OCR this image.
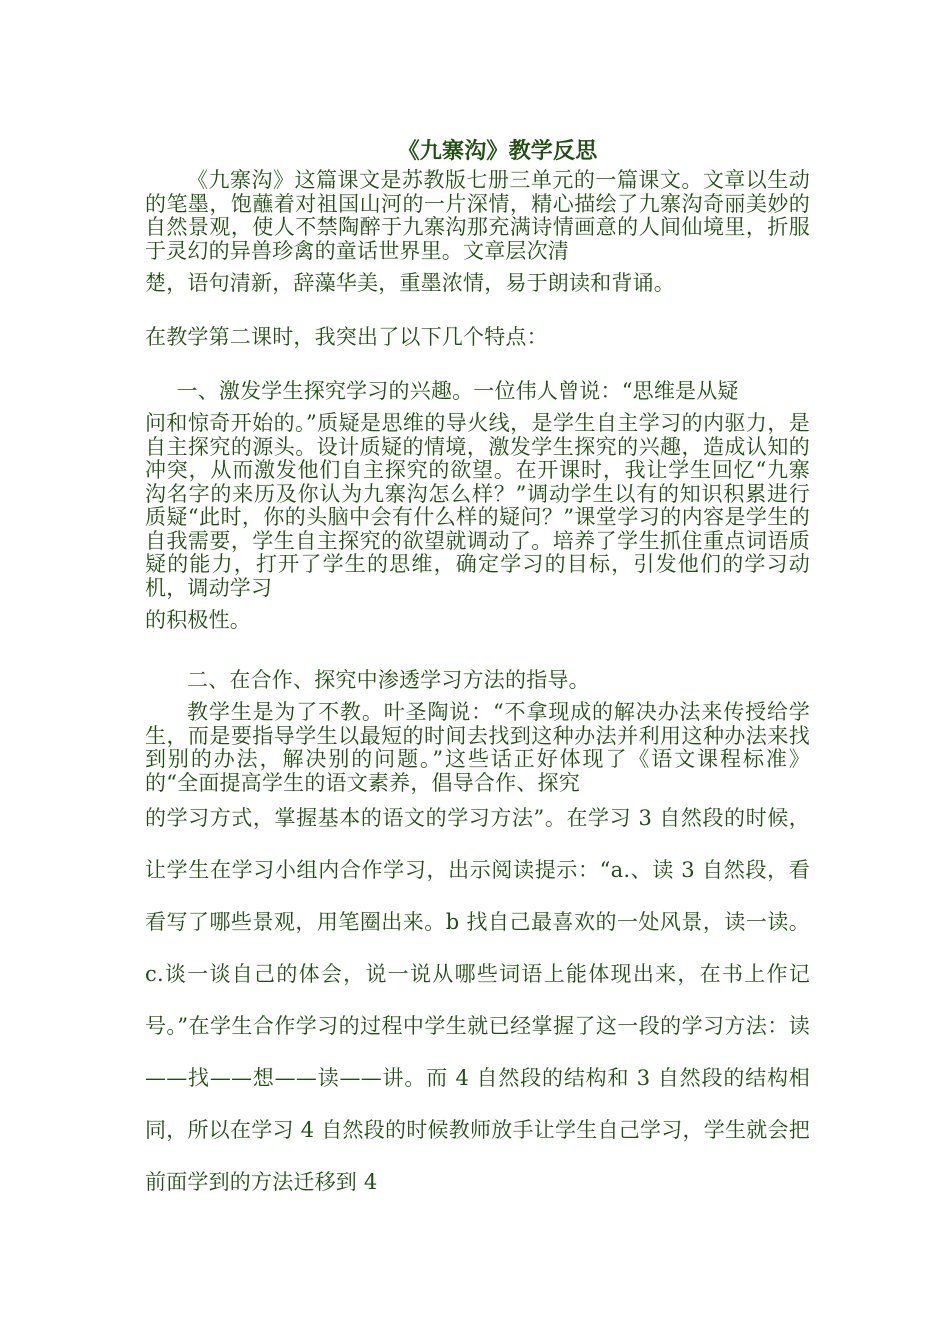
《九寨沟》教学反思

《九寨沟》这篇课文是苏教版七册三单元的一篇课文。文章以生动的笔墨，饱蘸着对祖国山河的一片深情，精心描绘了九寨沟奇丽美妙的自然景观，使人不禁陶醉于九寨沟那充满诗情画意的人间仙境里，折服于灵幻的异兽珍禽的童话世界里。文章层次清

楚，语句清新，辞藻华美，重墨浓情，易于朗读和背诵。

在教学第二课时，我突出了以下几个特点：

一、激发学生探究学习的兴趣。一位伟人曾说：“思维是从疑

问和惊奇开始的。”质疑是思维的导火线，是学生自主学习的内驱力，是自主探究的源头。设计质疑的情境，激发学生探究的兴趣，造成认知的冲突，从而激发他们自主探究的欲望。在开课时，我让学生回忆“九寨沟名字的来历及你认为九寨沟怎么样？”调动学生以有的知识积累进行质疑“此时，你的头脑中会有什么样的疑问？”课堂学习的内容是学生的自我需要，学生自主探究的欲望就调动了。培养了学生抓住重点词语质疑的能力，打开了学生的思维，确定学习的目标，引发他们的学习动机，调动学习

的积极性。

二、在合作、探究中渗透学习方法的指导。

教学生是为了不教。叶圣陶说：“不拿现成的解决办法来传授给学生，而是要指导学生以最短的时间去找到这种办法并利用这种办法来找到别的办法，解决别的问题。”这些话正好体现了《语文课程标准》的“全面提高学生的语文素养，倡导合作、探究

的学习方式，掌握基本的语文的学习方法”。在学习 3 自然段的时候，让学生在学习小组内合作学习，出示阅读提示：“a.、读 3 自然段，看看写了哪些景观，用笔圈出来。b 找自己最喜欢的一处风景，读一读。c.谈一谈自己的体会，说一说从哪些词语上能体现出来，在书上作记号。”在学生合作学习的过程中学生就已经掌握了这一段的学习方法：读——找——想——读——讲。而 4 自然段的结构和 3 自然段的结构相同，所以在学习 4 自然段的时候教师放手让学生自己学习，学生就会把前面学到的方法迁移到 4
